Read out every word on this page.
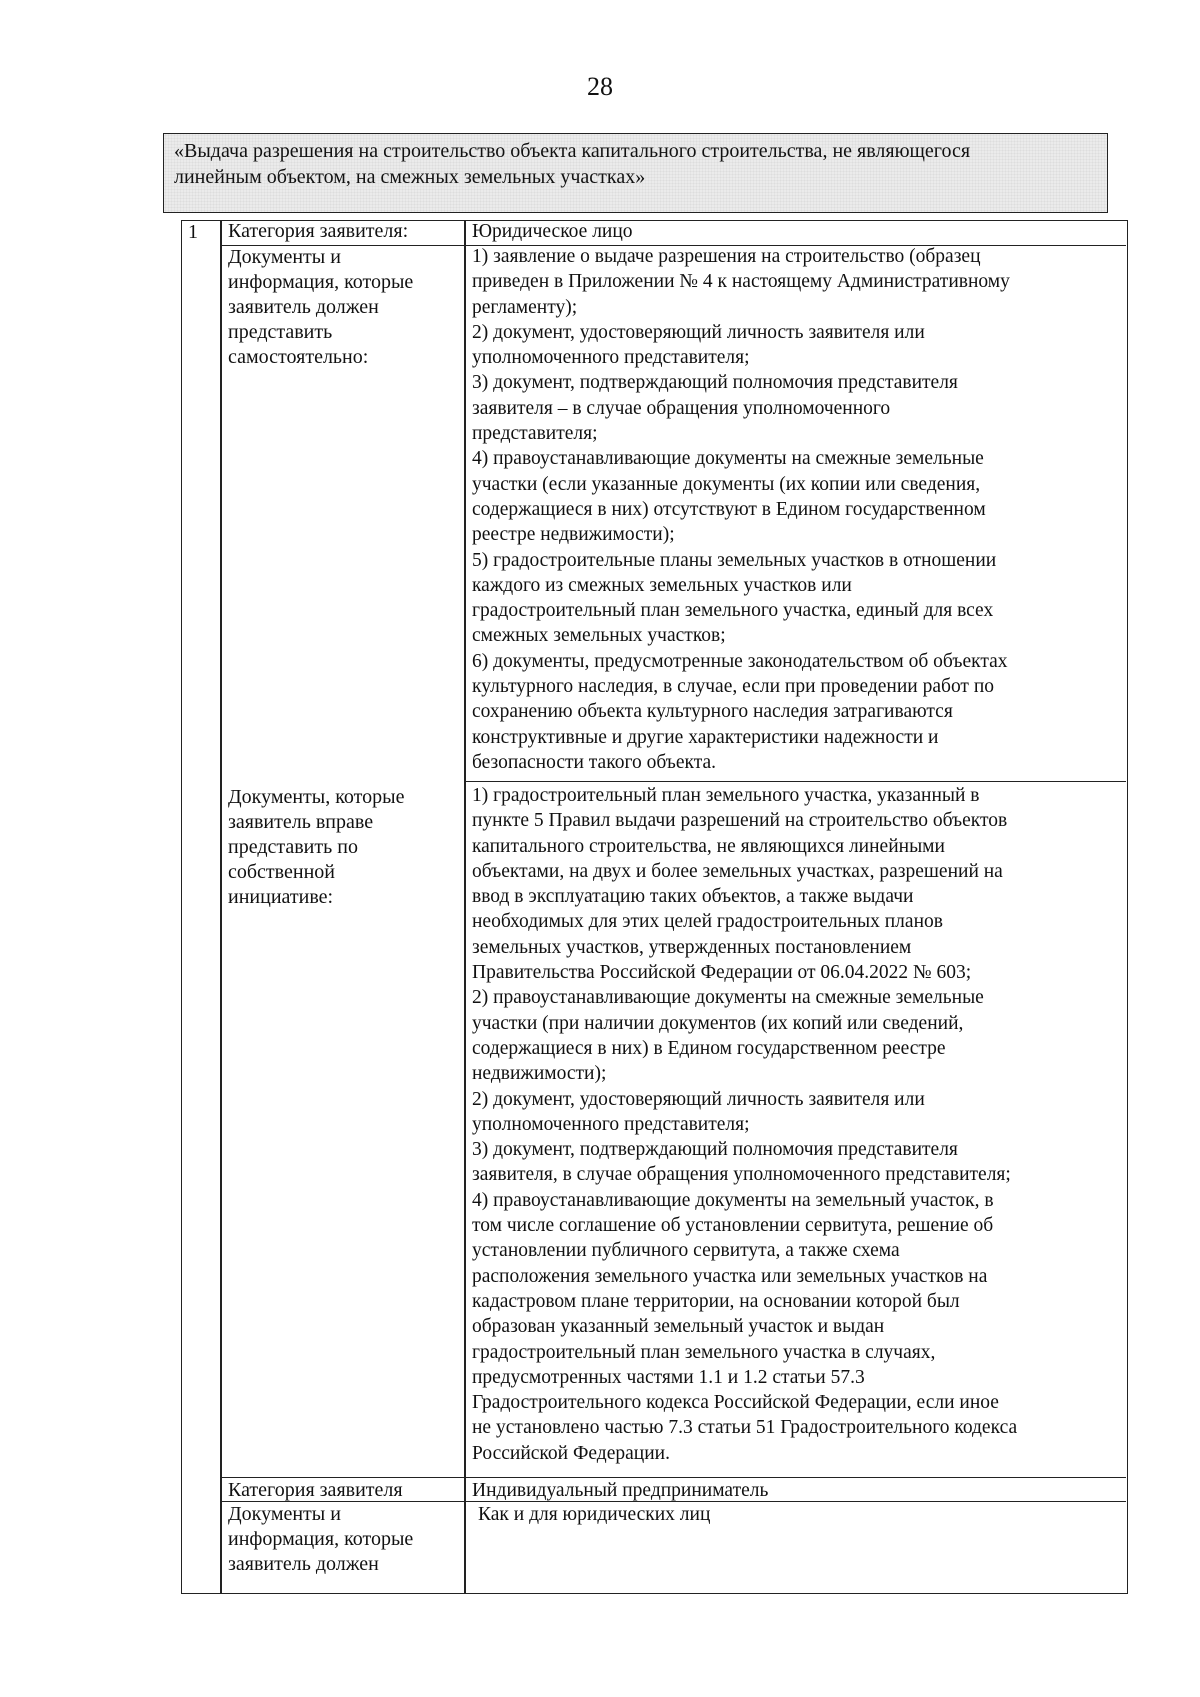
28
«Выдача разрешения на строительство объекта капитального строительства, не являющегося
линейным объектом, на смежных земельных участках»
1 Категория заявителя:	Юридическое лицо
Документы и
информация, которые
заявитель должен
представить
самостоятельно:
1) заявление о выдаче разрешения на строительство (образец
приведен в Приложении № 4 к настоящему Административному
регламенту);
2) документ, удостоверяющий личность заявителя или
уполномоченного представителя;
3) документ, подтверждающий полномочия представителя
заявителя – в случае обращения уполномоченного
представителя;
4) правоустанавливающие документы на смежные земельные
участки (если указанные документы (их копии или сведения,
содержащиеся в них) отсутствуют в Едином государственном
реестре недвижимости);
5) градостроительные планы земельных участков в отношении
каждого из смежных земельных участков или
градостроительный план земельного участка, единый для всех
смежных земельных участков;
6) документы, предусмотренные законодательством об объектах
культурного наследия, в случае, если при проведении работ по
сохранению объекта культурного наследия затрагиваются
конструктивные и другие характеристики надежности и
безопасности такого объекта.
Документы, которые
заявитель вправе
представить по
собственной
инициативе:
1) градостроительный план земельного участка, указанный в
пункте 5 Правил выдачи разрешений на строительство объектов
капитального строительства, не являющихся линейными
объектами, на двух и более земельных участках, разрешений на
ввод в эксплуатацию таких объектов, а также выдачи
необходимых для этих целей градостроительных планов
земельных участков, утвержденных постановлением
Правительства Российской Федерации от 06.04.2022 № 603;
2) правоустанавливающие документы на смежные земельные
участки (при наличии документов (их копий или сведений,
содержащиеся в них) в Едином государственном реестре
недвижимости);
2) документ, удостоверяющий личность заявителя или
уполномоченного представителя;
3) документ, подтверждающий полномочия представителя
заявителя, в случае обращения уполномоченного представителя;
4) правоустанавливающие документы на земельный участок, в
том числе соглашение об установлении сервитута, решение об
установлении публичного сервитута, а также схема
расположения земельного участка или земельных участков на
кадастровом плане территории, на основании которой был
образован указанный земельный участок и выдан
градостроительный план земельного участка в случаях,
предусмотренных частями 1.1 и 1.2 статьи 57.3
Градостроительного кодекса Российской Федерации, если иное
не установлено частью 7.3 статьи 51 Градостроительного кодекса
Российской Федерации.
Категория заявителя	Индивидуальный предприниматель
Документы и
информация, которые
заявитель должен
Как и для юридических лиц
